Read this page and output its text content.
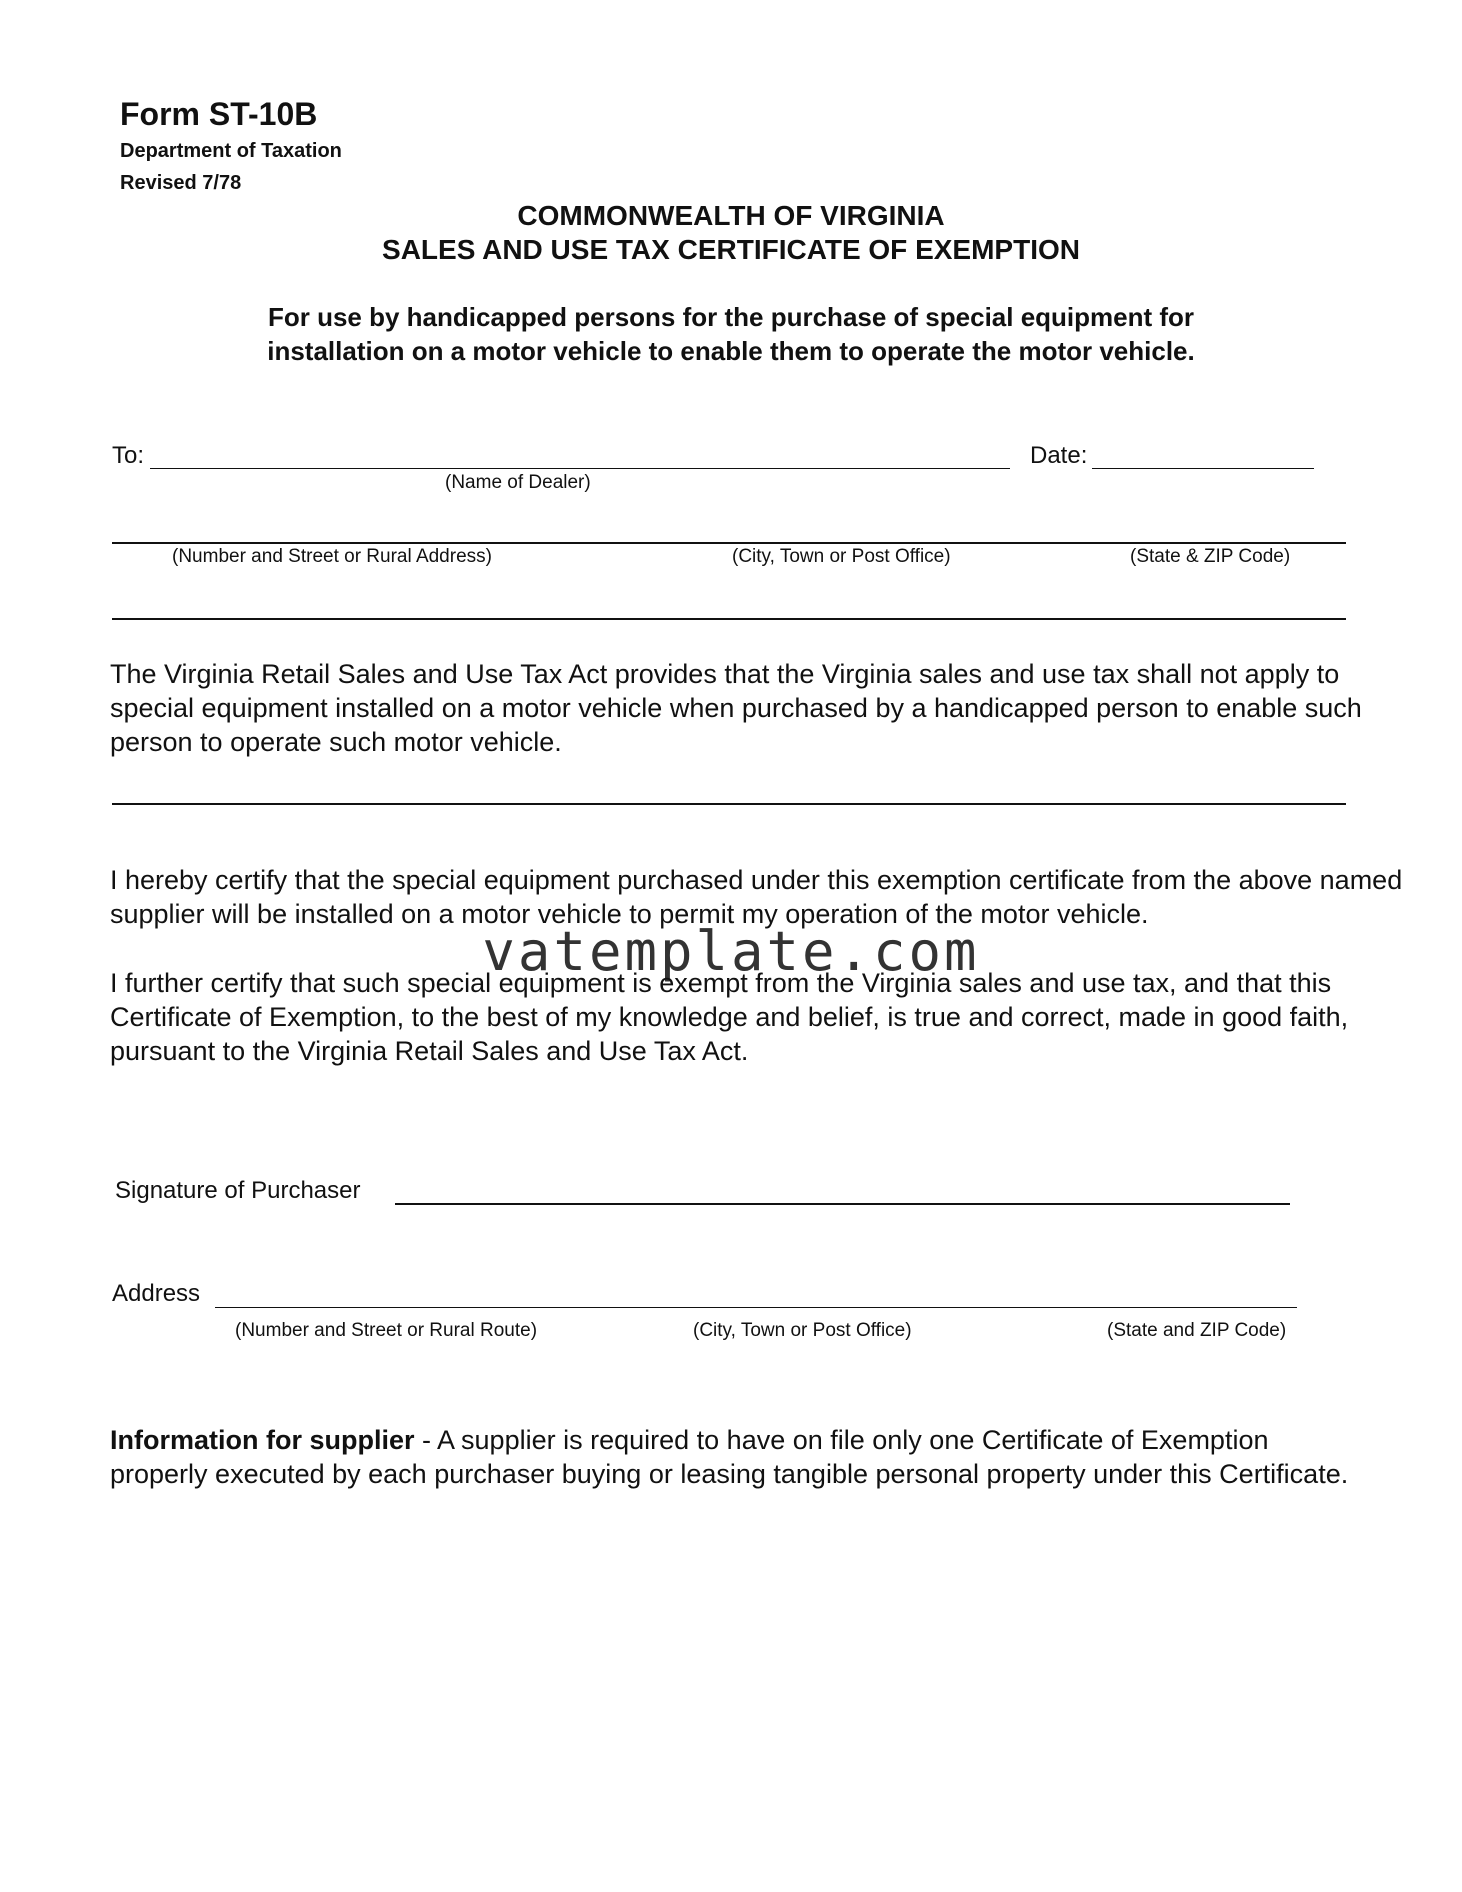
Form ST-10B
Department of Taxation
Revised 7/78
COMMONWEALTH OF VIRGINIA
SALES AND USE TAX CERTIFICATE OF EXEMPTION
For use by handicapped persons for the purchase of special equipment for
installation on a motor vehicle to enable them to operate the motor vehicle.
To:
(Name of Dealer)
Date:
(Number and Street or Rural Address)	(City, Town or Post Office)	(State & ZIP Code)
The Virginia Retail Sales and Use Tax Act provides that the Virginia sales and use tax shall not apply to special equipment installed on a motor vehicle when purchased by a handicapped person to enable such person to operate such motor vehicle.
I hereby certify that the special equipment purchased under this exemption certificate from the above named supplier will be installed on a motor vehicle to permit my operation of the motor vehicle.
vatemplate.com
I further certify that such special equipment is exempt from the Virginia sales and use tax, and that this Certificate of Exemption, to the best of my knowledge and belief, is true and correct, made in good faith, pursuant to the Virginia Retail Sales and Use Tax Act.
Signature of Purchaser
Address
(Number and Street or Rural Route)	(City, Town or Post Office)	(State and ZIP Code)
Information for supplier - A supplier is required to have on file only one Certificate of Exemption properly executed by each purchaser buying or leasing tangible personal property under this Certificate.
